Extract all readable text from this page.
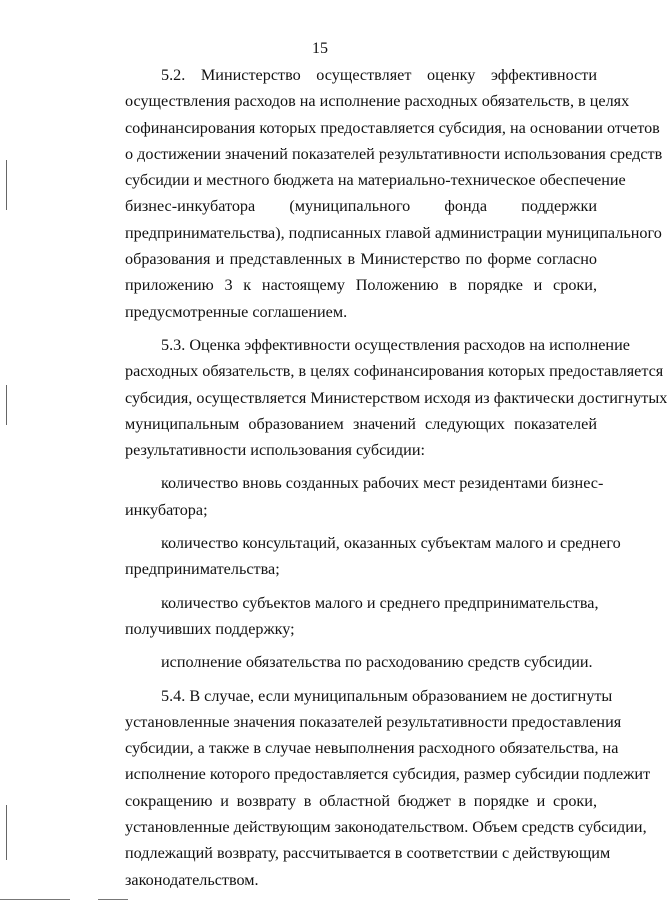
15
5.2. Министерство осуществляет оценку эффективности
осуществления расходов на исполнение расходных обязательств, в целях
софинансирования которых предоставляется субсидия, на основании отчетов
о достижении значений показателей результативности использования средств
субсидии и местного бюджета на материально-техническое обеспечение
бизнес-инкубатора (муниципального фонда поддержки
предпринимательства), подписанных главой администрации муниципального
образования и представленных в Министерство по форме согласно
приложению 3 к настоящему Положению в порядке и сроки,
предусмотренные соглашением.
5.3. Оценка эффективности осуществления расходов на исполнение
расходных обязательств, в целях софинансирования которых предоставляется
субсидия, осуществляется Министерством исходя из фактически достигнутых
муниципальным образованием значений следующих показателей
результативности использования субсидии:
количество вновь созданных рабочих мест резидентами бизнес-
инкубатора;
количество консультаций, оказанных субъектам малого и среднего
предпринимательства;
количество субъектов малого и среднего предпринимательства,
получивших поддержку;
исполнение обязательства по расходованию средств субсидии.
5.4. В случае, если муниципальным образованием не достигнуты
установленные значения показателей результативности предоставления
субсидии, а также в случае невыполнения расходного обязательства, на
исполнение которого предоставляется субсидия, размер субсидии подлежит
сокращению и возврату в областной бюджет в порядке и сроки,
установленные действующим законодательством. Объем средств субсидии,
подлежащий возврату, рассчитывается в соответствии с действующим
законодательством.
